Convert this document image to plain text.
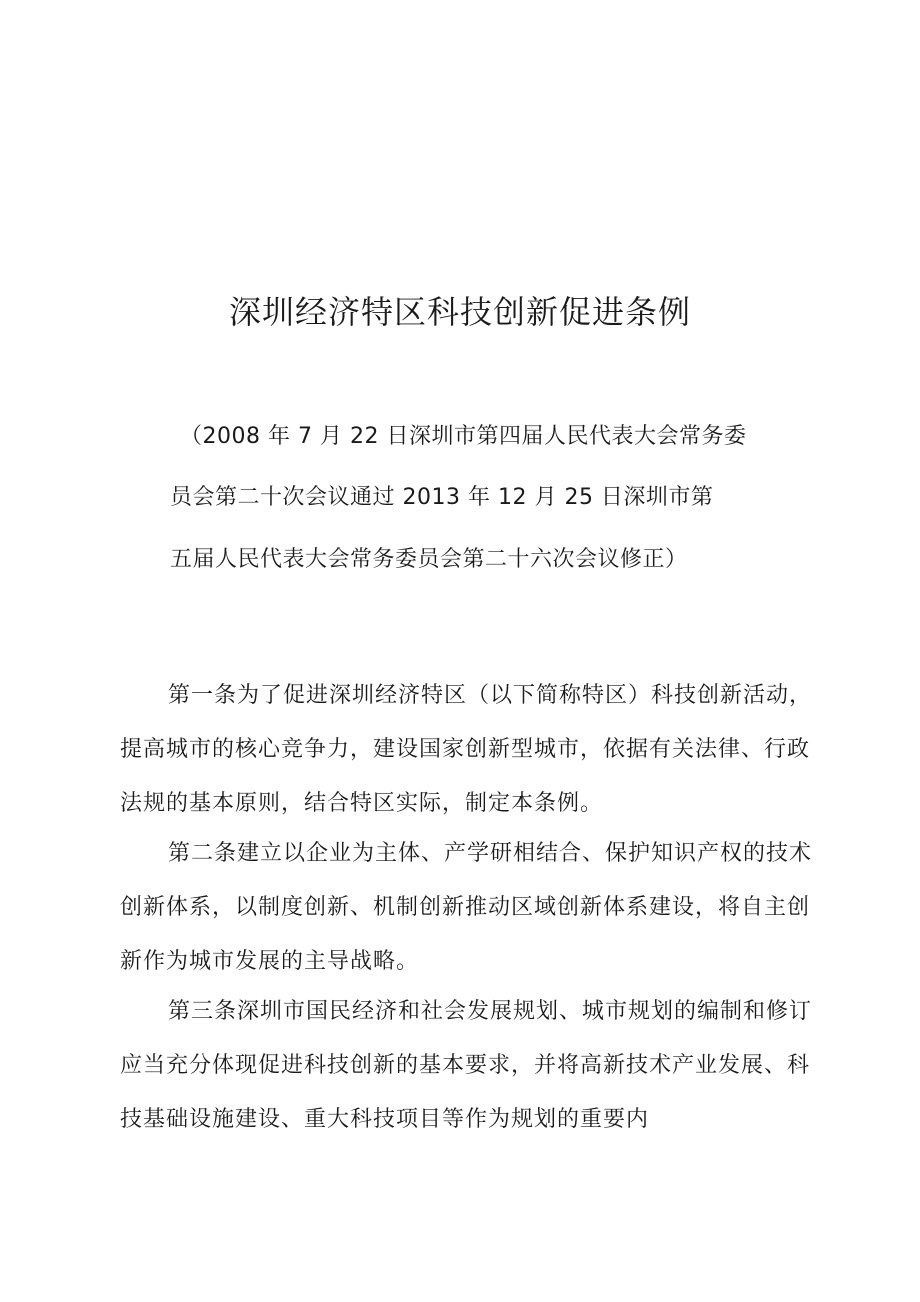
深圳经济特区科技创新促进条例
（2008 年 7 月 22 日深圳市第四届人民代表大会常务委
员会第二十次会议通过 2013 年 12 月 25 日深圳市第
五届人民代表大会常务委员会第二十六次会议修正）

第一条为了促进深圳经济特区（以下简称特区）科技创新活动，提高城市的核心竞争力，建设国家创新型城市，依据有关法律、行政法规的基本原则，结合特区实际，制定本条例。

第二条建立以企业为主体、产学研相结合、保护知识产权的技术创新体系，以制度创新、机制创新推动区域创新体系建设，将自主创新作为城市发展的主导战略。

第三条深圳市国民经济和社会发展规划、城市规划的编制和修订应当充分体现促进科技创新的基本要求，并将高新技术产业发展、科技基础设施建设、重大科技项目等作为规划的重要内
